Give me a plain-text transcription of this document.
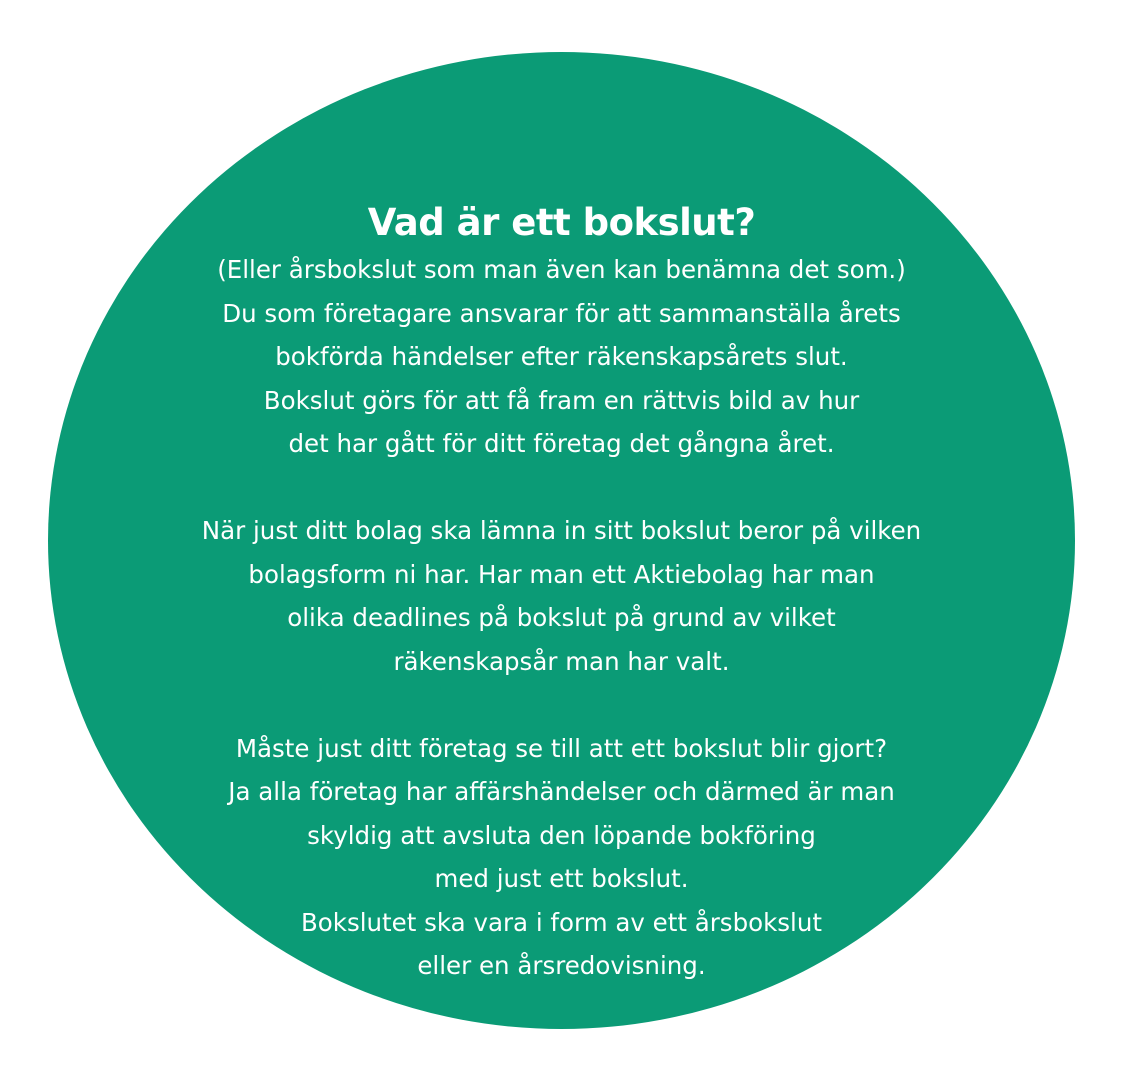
Vad är ett bokslut?

(Eller årsbokslut som man även kan benämna det som.)
Du som företagare ansvarar för att sammanställa årets
bokförda händelser efter räkenskapsårets slut.
Bokslut görs för att få fram en rättvis bild av hur
det har gått för ditt företag det gångna året.

När just ditt bolag ska lämna in sitt bokslut beror på vilken
bolagsform ni har. Har man ett Aktiebolag har man
olika deadlines på bokslut på grund av vilket
räkenskapsår man har valt.

Måste just ditt företag se till att ett bokslut blir gjort?
Ja alla företag har affärshändelser och därmed är man
skyldig att avsluta den löpande bokföring
med just ett bokslut.
Bokslutet ska vara i form av ett årsbokslut
eller en årsredovisning.
